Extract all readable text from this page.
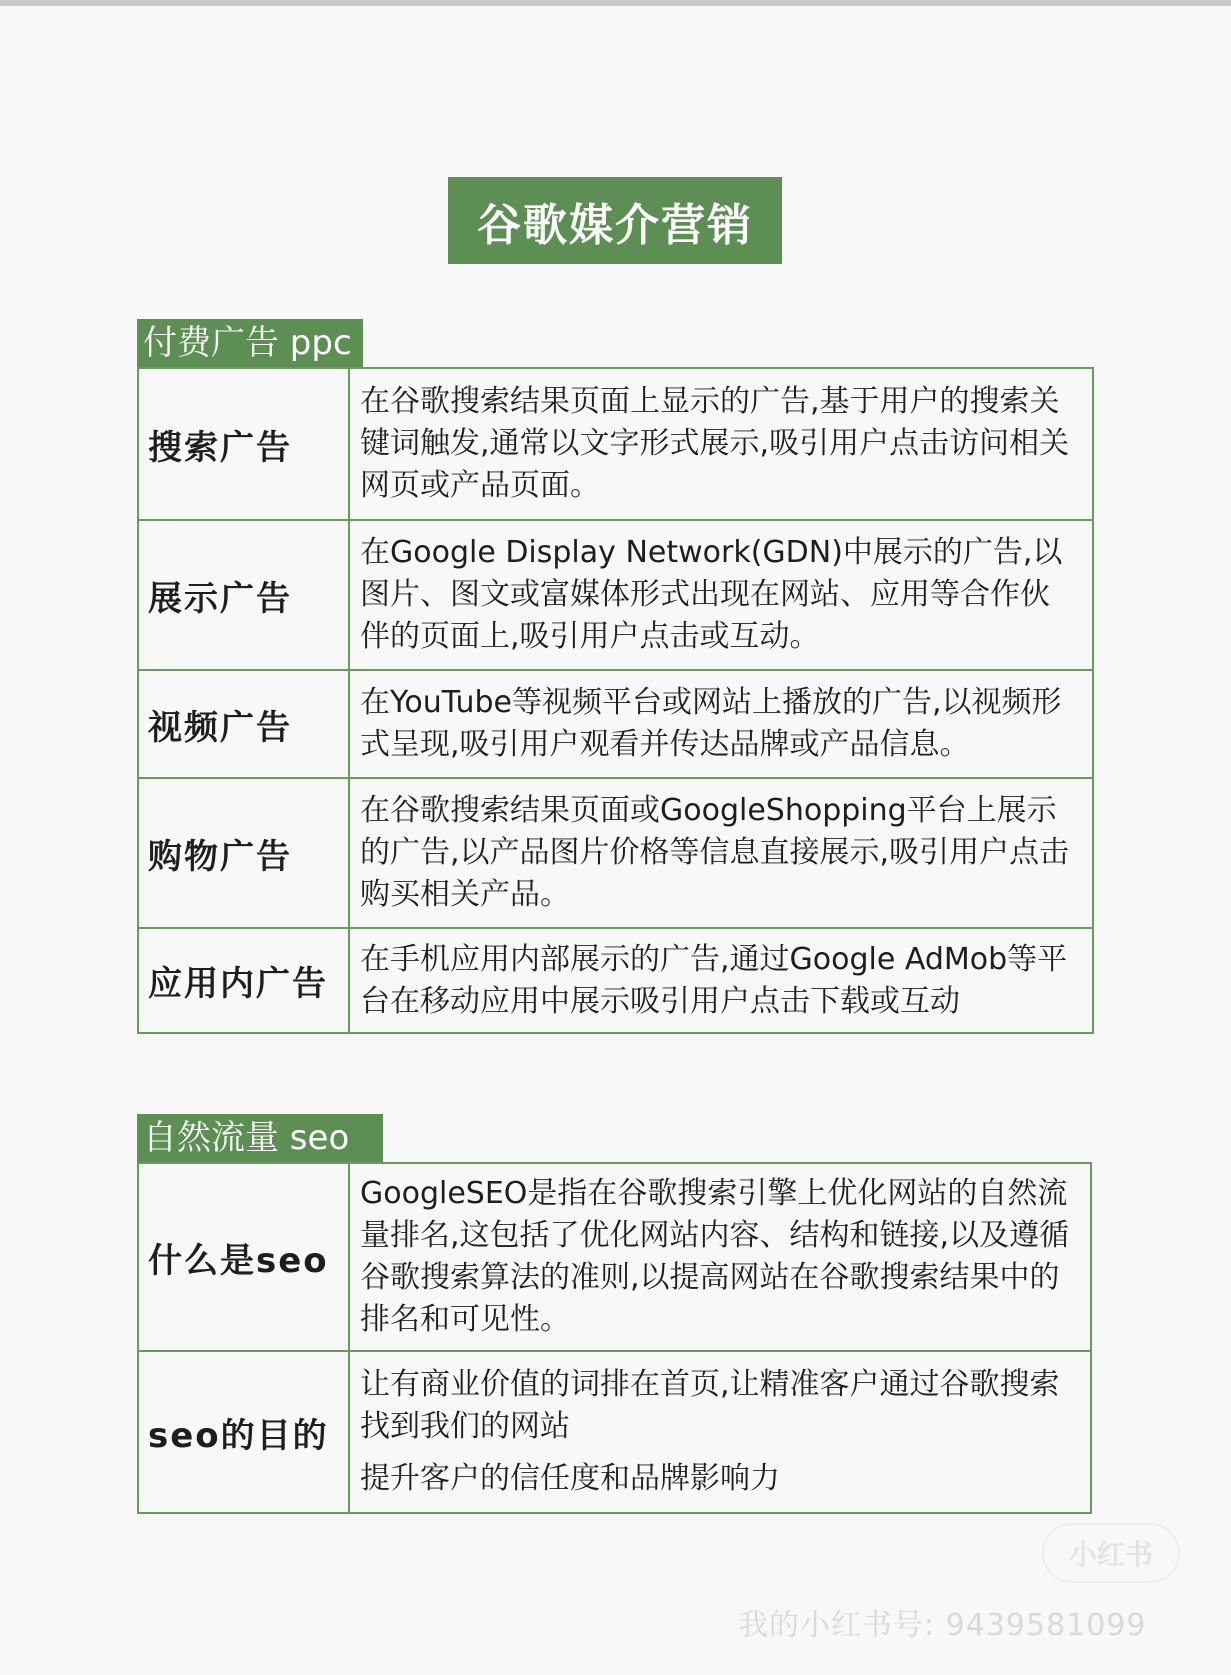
谷歌媒介营销
付费广告 ppc
搜索广告	在谷歌搜索结果页面上显示的广告,基于用户的搜索关键词触发,通常以文字形式展示,吸引用户点击访问相关网页或产品页面。
展示广告	在Google Display Network(GDN)中展示的广告,以图片、图文或富媒体形式出现在网站、应用等合作伙伴的页面上,吸引用户点击或互动。
视频广告	在YouTube等视频平台或网站上播放的广告,以视频形式呈现,吸引用户观看并传达品牌或产品信息。
购物广告	在谷歌搜索结果页面或GoogleShopping平台上展示的广告,以产品图片价格等信息直接展示,吸引用户点击购买相关产品。
应用内广告	在手机应用内部展示的广告,通过Google AdMob等平台在移动应用中展示吸引用户点击下载或互动
自然流量 seo
什么是seo	GoogleSEO是指在谷歌搜索引擎上优化网站的自然流量排名,这包括了优化网站内容、结构和链接,以及遵循谷歌搜索算法的准则,以提高网站在谷歌搜索结果中的排名和可见性。
seo的目的	让有商业价值的词排在首页,让精准客户通过谷歌搜索找到我们的网站
提升客户的信任度和品牌影响力
小红书
我的小红书号: 9439581099
